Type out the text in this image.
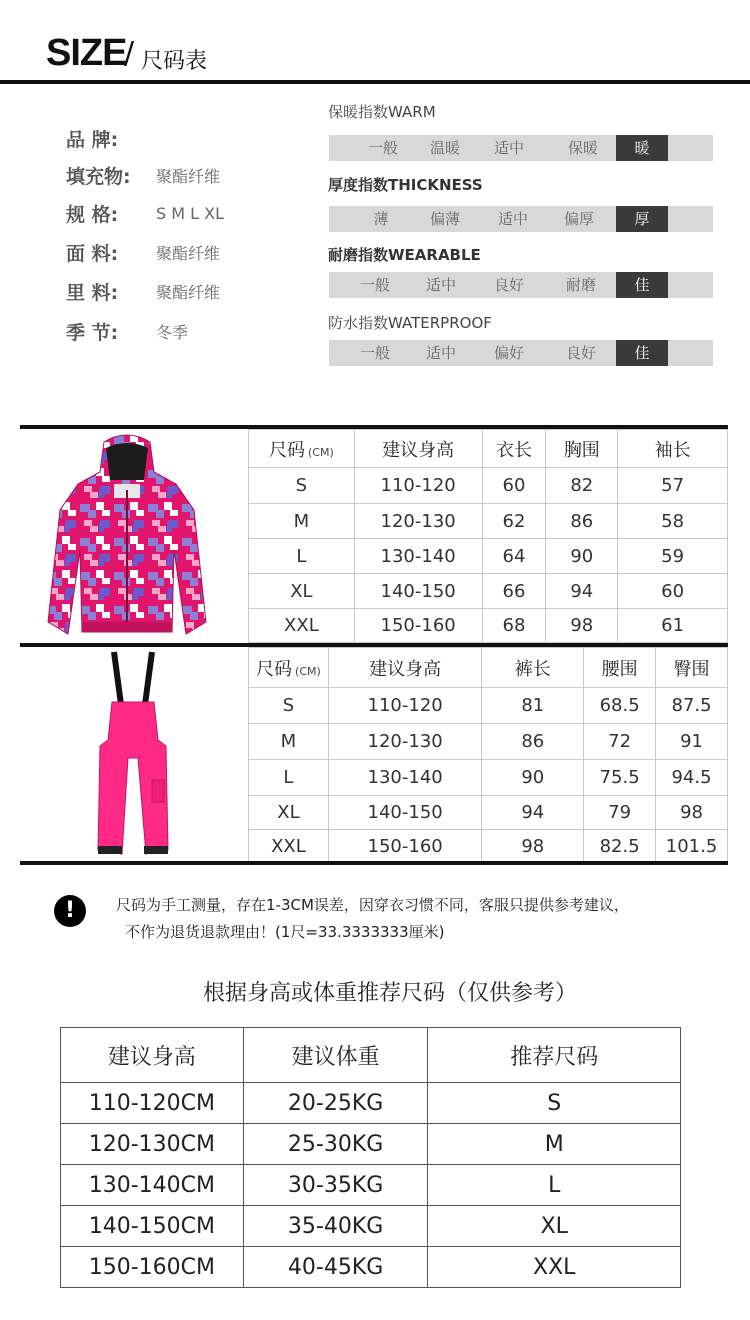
SIZE
/ 尺码表
品 牌:
填充物:	聚酯纤维
规 格:	S M L XL
面 料:	聚酯纤维
里 料:	聚酯纤维
季 节:	冬季
保暖指数WARM
一般	温暖	适中	保暖	暖
厚度指数THICKNESS
薄	偏薄	适中	偏厚	厚
耐磨指数WEARABLE
一般	适中	良好	耐磨	佳
防水指数WATERPROOF
一般	适中	偏好	良好	佳
尺码 (CM)	建议身高	衣长	胸围	袖长
S	110-120	60	82	57
M	120-130	62	86	58
L	130-140	64	90	59
XL	140-150	66	94	60
XXL	150-160	68	98	61
尺码 (CM)	建议身高	裤长	腰围	臀围
S	110-120	81	68.5	87.5
M	120-130	86	72	91
L	130-140	90	75.5	94.5
XL	140-150	94	79	98
XXL	150-160	98	82.5	101.5
!	尺码为手工测量，存在1-3CM误差，因穿衣习惯不同，客服只提供参考建议，
不作为退货退款理由！(1尺=33.3333333厘米)
根据身高或体重推荐尺码（仅供参考）
建议身高	建议体重	推荐尺码
110-120CM	20-25KG	S
120-130CM	25-30KG	M
130-140CM	30-35KG	L
140-150CM	35-40KG	XL
150-160CM	40-45KG	XXL
